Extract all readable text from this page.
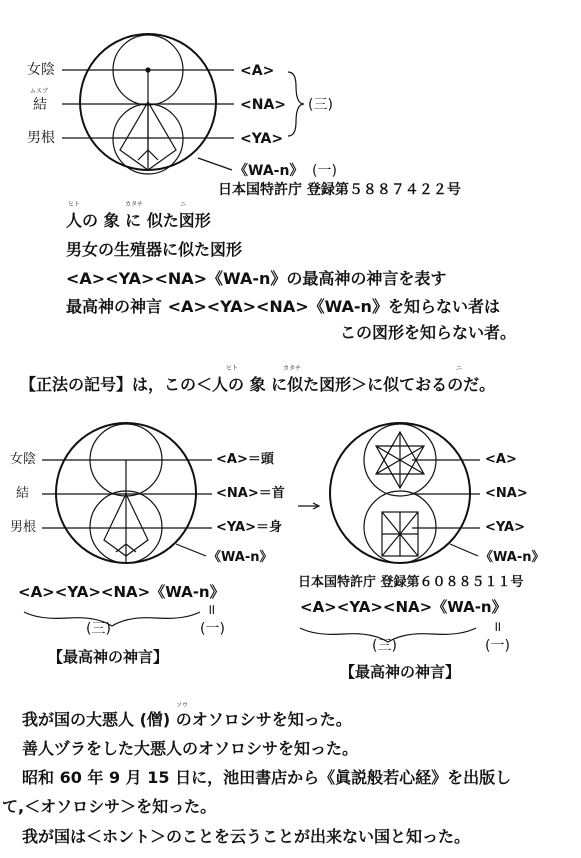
女陰
ムスブ
結
男根
<A>
<NA>
<YA>
(三)
《WA-n》 (一)
日本国特許庁 登録第５８８７４２２号
ヒト	カタチ	ニ
人の 象 に 似た図形
男女の生殖器に似た図形
<A><YA><NA>《WA-n》の最高神の神言を表す
最高神の神言 <A><YA><NA>《WA-n》を知らない者は
この図形を知らない者。
ヒト	カタチ	ニ
【正法の記号】は，この＜人の 象 に似た図形＞に似ておるのだ。
女陰
結
男根
<A>＝頭
<NA>＝首
<YA>＝身
《WA-n》
<A><YA><NA>《WA-n》
॥
(三)	(一)
【最高神の神言】
<A>
<NA>
<YA>
《WA-n》
日本国特許庁 登録第６０８８５１１号
<A><YA><NA>《WA-n》
॥
(三)	(一)
【最高神の神言】
ソウ
我が国の大悪人 (僧) のオソロシサを知った。
善人ヅラをした大悪人のオソロシサを知った。
昭和 60 年 9 月 15 日に，池田書店から《眞説般若心経》を出版し
て,＜オソロシサ＞を知った。
我が国は＜ホント＞のことを云うことが出来ない国と知った。
